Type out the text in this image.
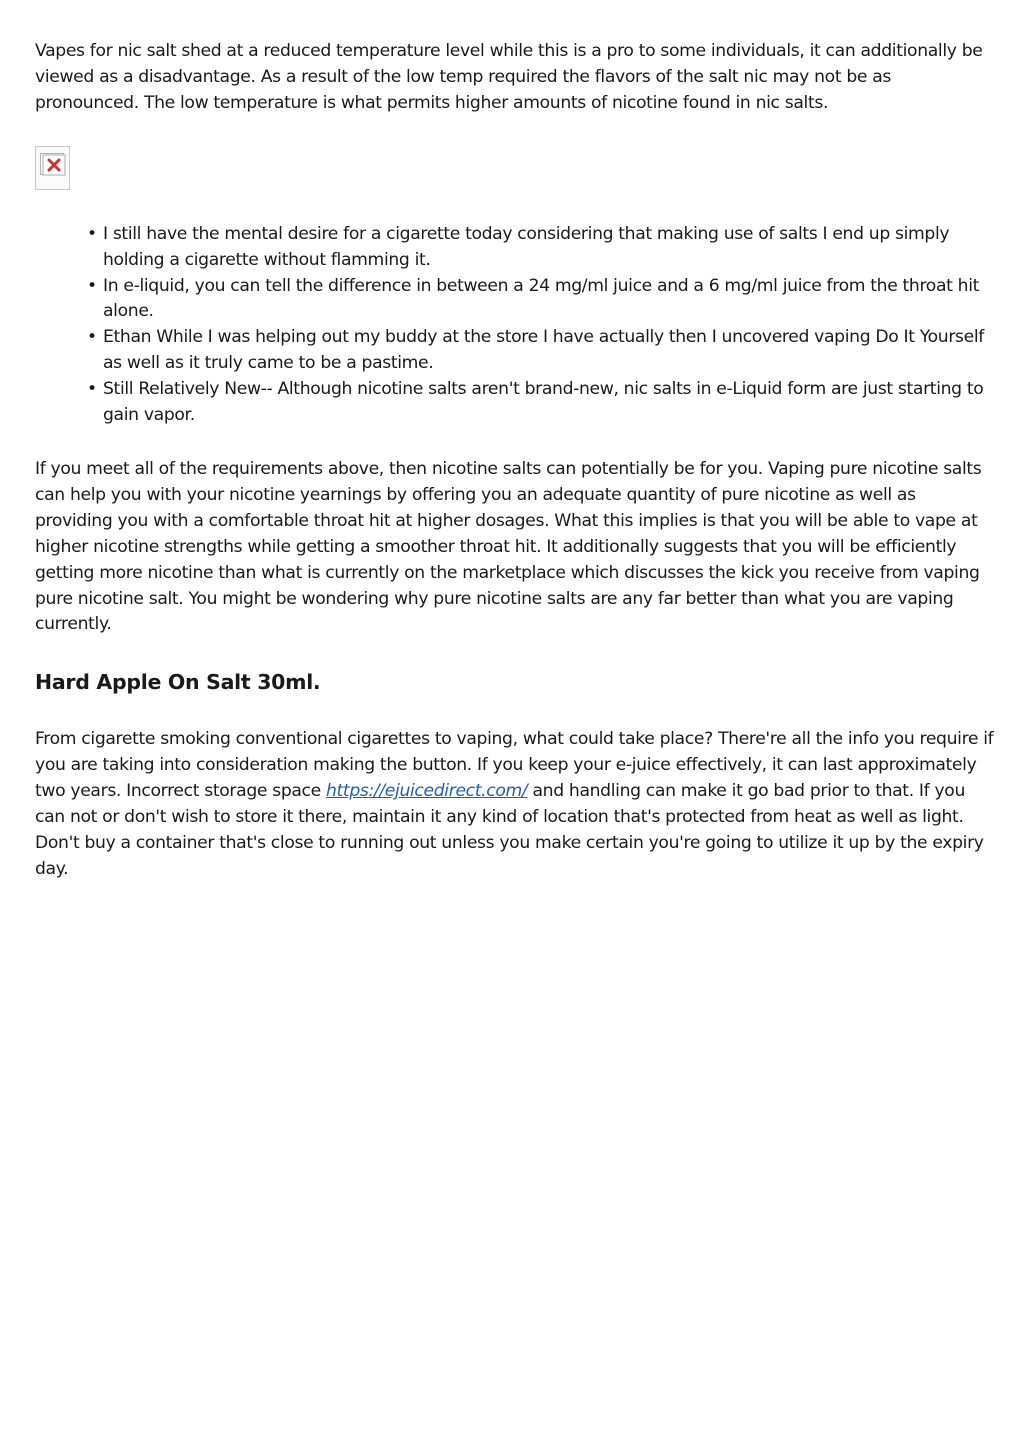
Vapes for nic salt shed at a reduced temperature level while this is a pro to some individuals, it can additionally be viewed as a disadvantage. As a result of the low temp required the flavors of the salt nic may not be as pronounced. The low temperature is what permits higher amounts of nicotine found in nic salts.

• I still have the mental desire for a cigarette today considering that making use of salts I end up simply holding a cigarette without flamming it.
• In e-liquid, you can tell the difference in between a 24 mg/ml juice and a 6 mg/ml juice from the throat hit alone.
• Ethan While I was helping out my buddy at the store I have actually then I uncovered vaping Do It Yourself as well as it truly came to be a pastime.
• Still Relatively New-- Although nicotine salts aren't brand-new, nic salts in e-Liquid form are just starting to gain vapor.

If you meet all of the requirements above, then nicotine salts can potentially be for you. Vaping pure nicotine salts can help you with your nicotine yearnings by offering you an adequate quantity of pure nicotine as well as providing you with a comfortable throat hit at higher dosages. What this implies is that you will be able to vape at higher nicotine strengths while getting a smoother throat hit. It additionally suggests that you will be efficiently getting more nicotine than what is currently on the marketplace which discusses the kick you receive from vaping pure nicotine salt. You might be wondering why pure nicotine salts are any far better than what you are vaping currently.

Hard Apple On Salt 30ml.

From cigarette smoking conventional cigarettes to vaping, what could take place? There're all the info you require if you are taking into consideration making the button. If you keep your e-juice effectively, it can last approximately two years. Incorrect storage space https://ejuicedirect.com/ and handling can make it go bad prior to that. If you can not or don't wish to store it there, maintain it any kind of location that's protected from heat as well as light. Don't buy a container that's close to running out unless you make certain you're going to utilize it up by the expiry day.
